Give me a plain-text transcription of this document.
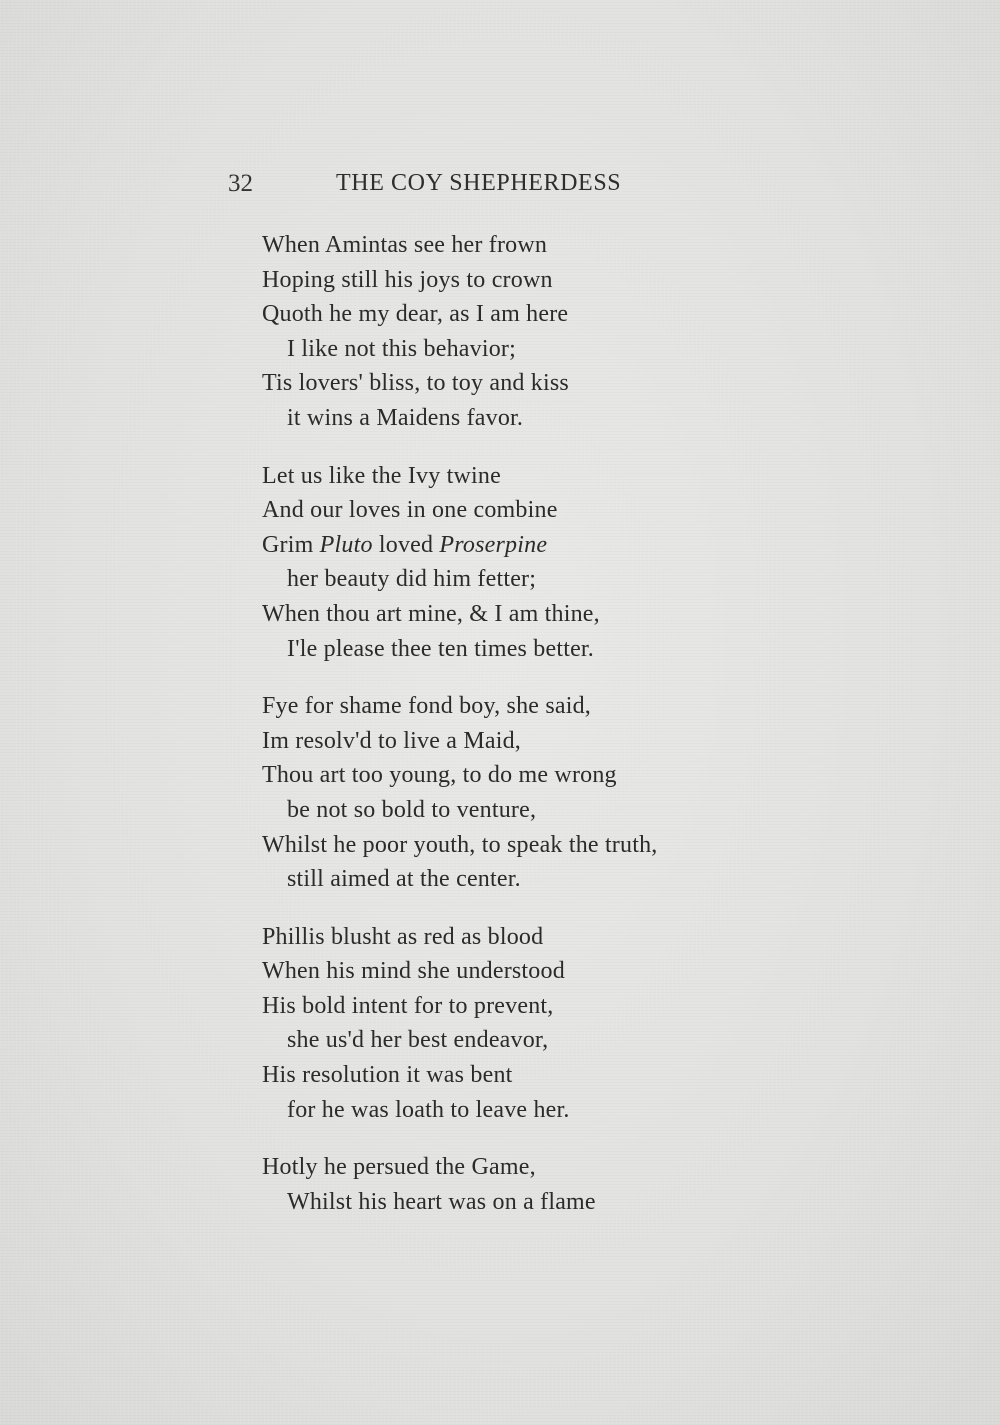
32	THE COY SHEPHERDESS
When Amintas see her frown
Hoping still his joys to crown
Quoth he my dear, as I am here
I like not this behavior;
Tis lovers' bliss, to toy and kiss
it wins a Maidens favor.
Let us like the Ivy twine
And our loves in one combine
Grim Pluto loved Proserpine
her beauty did him fetter;
When thou art mine, & I am thine,
I'le please thee ten times better.
Fye for shame fond boy, she said,
Im resolv'd to live a Maid,
Thou art too young, to do me wrong
be not so bold to venture,
Whilst he poor youth, to speak the truth,
still aimed at the center.
Phillis blusht as red as blood
When his mind she understood
His bold intent for to prevent,
she us'd her best endeavor,
His resolution it was bent
for he was loath to leave her.
Hotly he persued the Game,
Whilst his heart was on a flame
